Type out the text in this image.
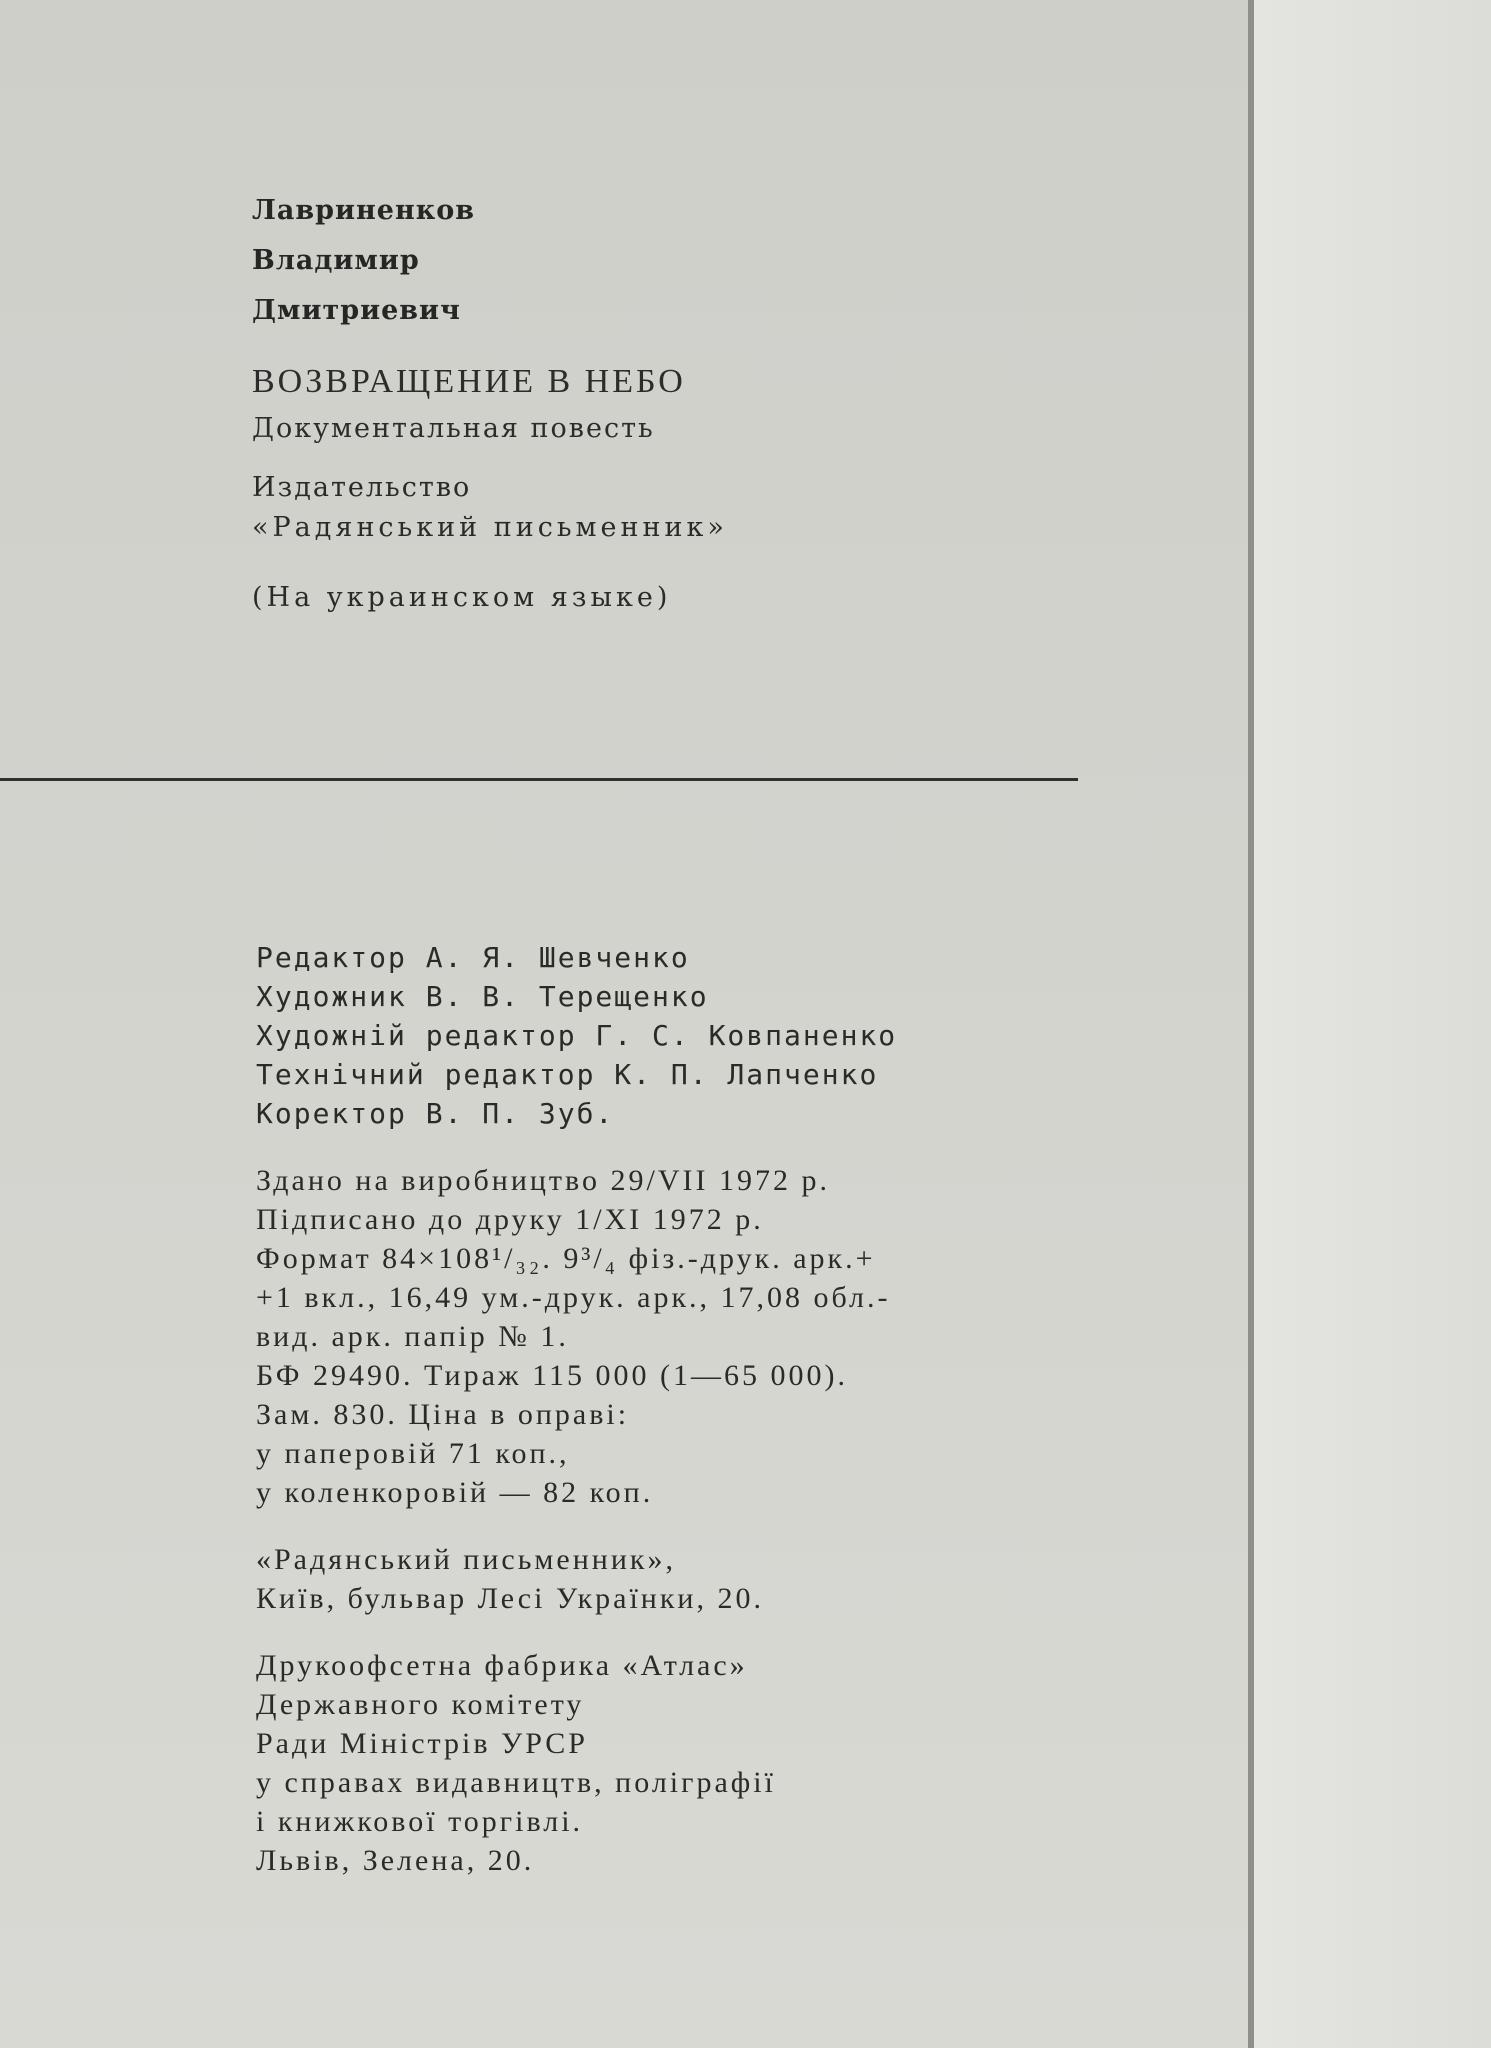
Лавриненков
Владимир
Дмитриевич
ВОЗВРАЩЕНИЕ В НЕБО
Документальная повесть
Издательство
«Радянський письменник»
(На украинском языке)
Редактор А. Я. Шевченко
Художник В. В. Терещенко
Художній редактор Г. С. Ковпаненко
Технічний редактор К. П. Лапченко
Коректор В. П. Зуб.
Здано на виробництво 29/VII 1972 р.
Підписано до друку 1/XI 1972 р.
Формат 84×108¹/₃₂. 9³/₄ фіз.-друк. арк.+
+1 вкл., 16,49 ум.-друк. арк., 17,08 обл.-
вид. арк. папір № 1.
БФ 29490. Тираж 115 000 (1—65 000).
Зам. 830. Ціна в оправі:
у паперовій 71 коп.,
у коленкоровій — 82 коп.
«Радянський письменник»,
Київ, бульвар Лесі Українки, 20.
Друкоофсетна фабрика «Атлас»
Державного комітету
Ради Міністрів УРСР
у справах видавництв, поліграфії
і книжкової торгівлі.
Львів, Зелена, 20.
